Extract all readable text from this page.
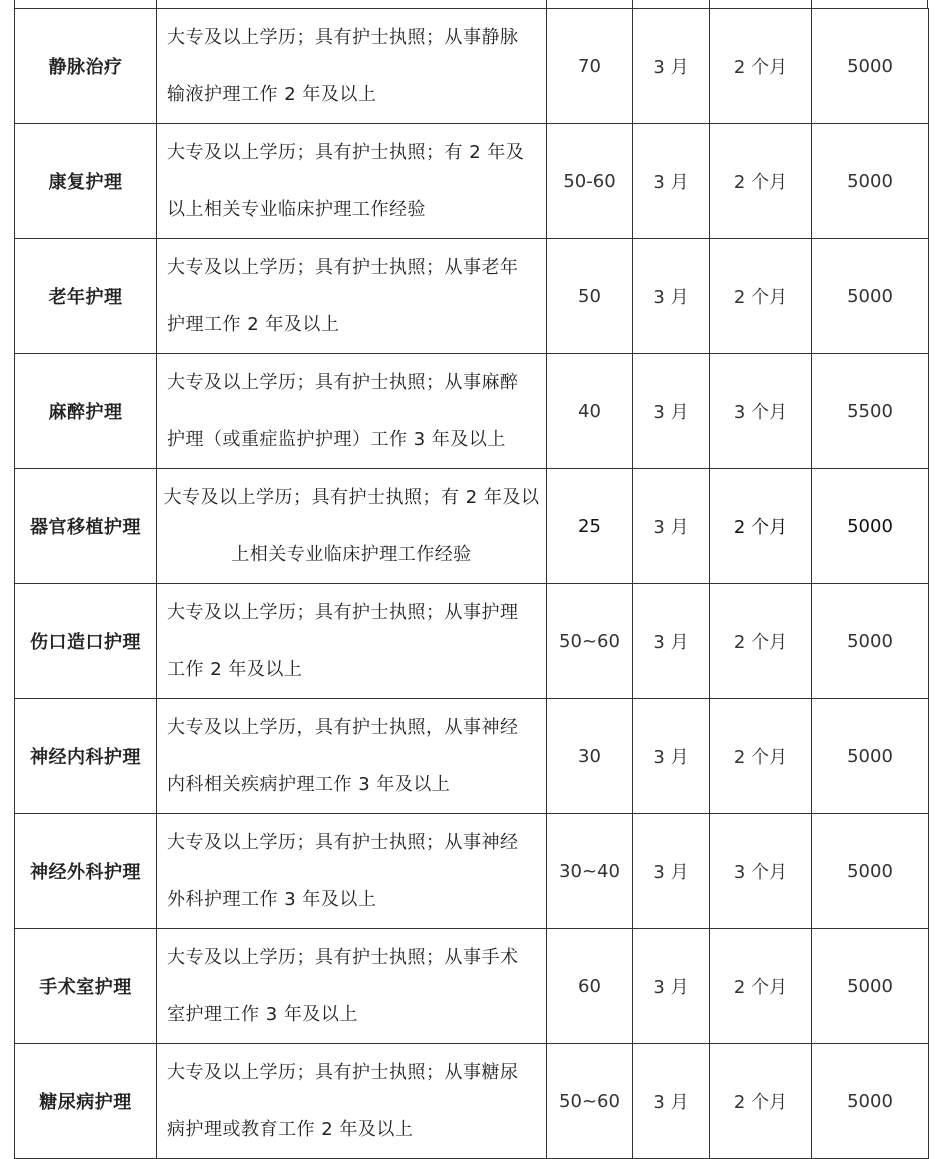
静脉治疗	大专及以上学历；具有护士执照；从事静脉输液护理工作 2 年及以上	70	3 月	2 个月	5000
康复护理	大专及以上学历；具有护士执照；有 2 年及以上相关专业临床护理工作经验	50-60	3 月	2 个月	5000
老年护理	大专及以上学历；具有护士执照；从事老年护理工作 2 年及以上	50	3 月	2 个月	5000
麻醉护理	大专及以上学历；具有护士执照；从事麻醉护理（或重症监护护理）工作 3 年及以上	40	3 月	3 个月	5500
器官移植护理	大专及以上学历；具有护士执照；有 2 年及以上相关专业临床护理工作经验	25	3 月	2 个月	5000
伤口造口护理	大专及以上学历；具有护士执照；从事护理工作 2 年及以上	50~60	3 月	2 个月	5000
神经内科护理	大专及以上学历，具有护士执照，从事神经内科相关疾病护理工作 3 年及以上	30	3 月	2 个月	5000
神经外科护理	大专及以上学历；具有护士执照；从事神经外科护理工作 3 年及以上	30~40	3 月	3 个月	5000
手术室护理	大专及以上学历；具有护士执照；从事手术室护理工作 3 年及以上	60	3 月	2 个月	5000
糖尿病护理	大专及以上学历；具有护士执照；从事糖尿病护理或教育工作 2 年及以上	50~60	3 月	2 个月	5000
